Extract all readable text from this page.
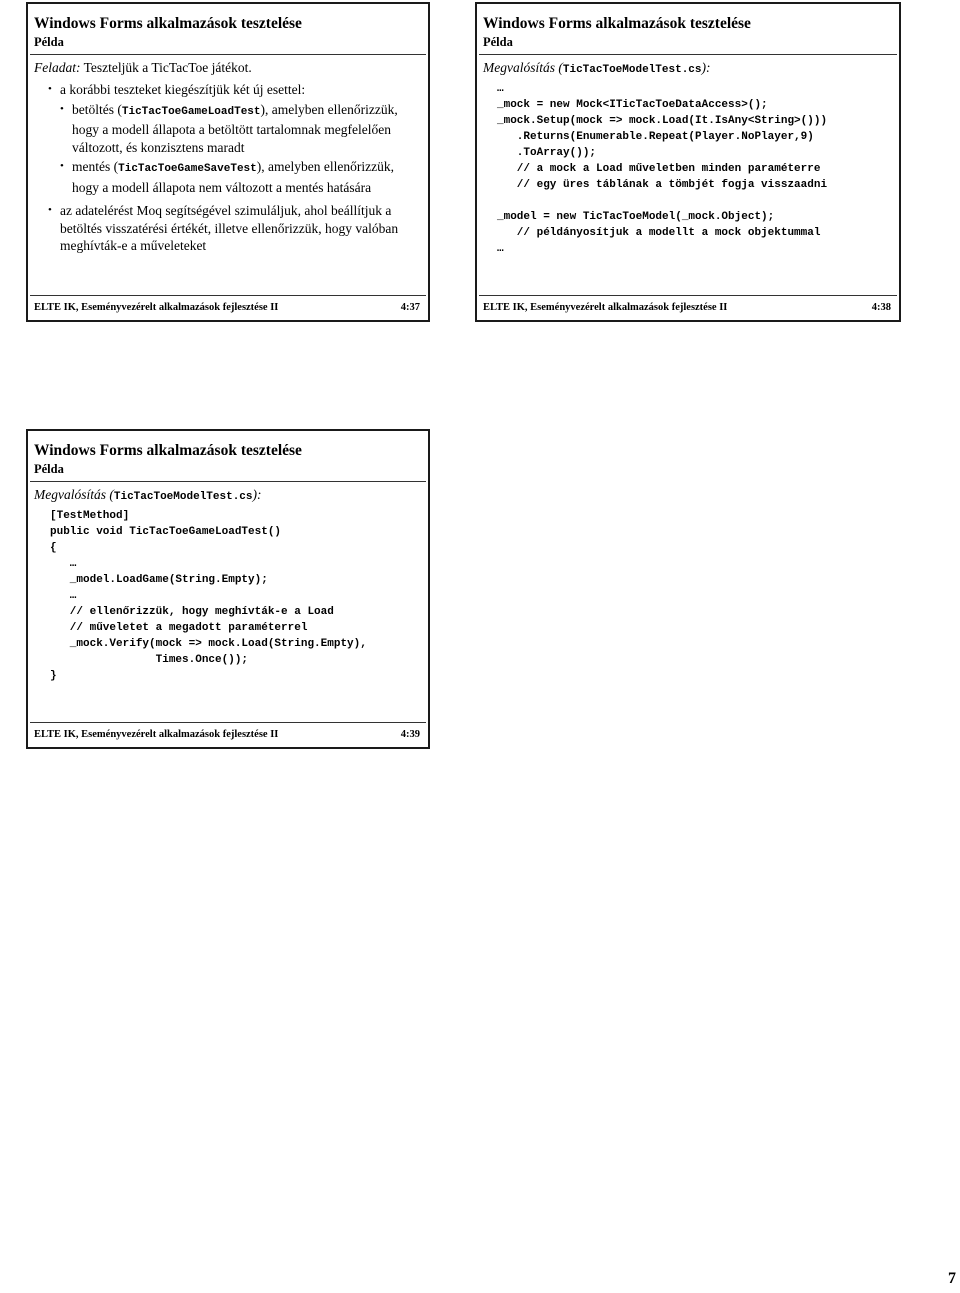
Windows Forms alkalmazások tesztelése
Példa
Feladat: Teszteljük a TicTacToe játékot.
• a korábbi teszteket kiegészítjük két új esettel:
• betöltés (TicTacToeGameLoadTest), amelyben ellenőrizzük, hogy a modell állapota a betöltött tartalomnak megfelelően változott, és konzisztens maradt
• mentés (TicTacToeGameSaveTest), amelyben ellenőrizzük, hogy a modell állapota nem változott a mentés hatására
• az adatelérést Moq segítségével szimuláljuk, ahol beállítjuk a betöltés visszatérési értékét, illetve ellenőrizzük, hogy valóban meghívták-e a műveleteket
ELTE IK, Eseményvezérelt alkalmazások fejlesztése II	4:37
Windows Forms alkalmazások tesztelése
Példa
Megvalósítás (TicTacToeModelTest.cs):
…
_mock = new Mock<ITicTacToeDataAccess>();
_mock.Setup(mock => mock.Load(It.IsAny<String>()))
.Returns(Enumerable.Repeat(Player.NoPlayer,9)
.ToArray());
// a mock a Load műveletben minden paraméterre
// egy üres táblának a tömbjét fogja visszaadni

_model = new TicTacToeModel(_mock.Object);
// példányosítjuk a modellt a mock objektummal
…
ELTE IK, Eseményvezérelt alkalmazások fejlesztése II	4:38
Windows Forms alkalmazások tesztelése
Példa
Megvalósítás (TicTacToeModelTest.cs):
[TestMethod]
public void TicTacToeGameLoadTest()
{
…
_model.LoadGame(String.Empty);
…
// ellenőrizzük, hogy meghívták-e a Load
// műveletet a megadott paraméterrel
_mock.Verify(mock => mock.Load(String.Empty),
Times.Once());
}
ELTE IK, Eseményvezérelt alkalmazások fejlesztése II	4:39
7
